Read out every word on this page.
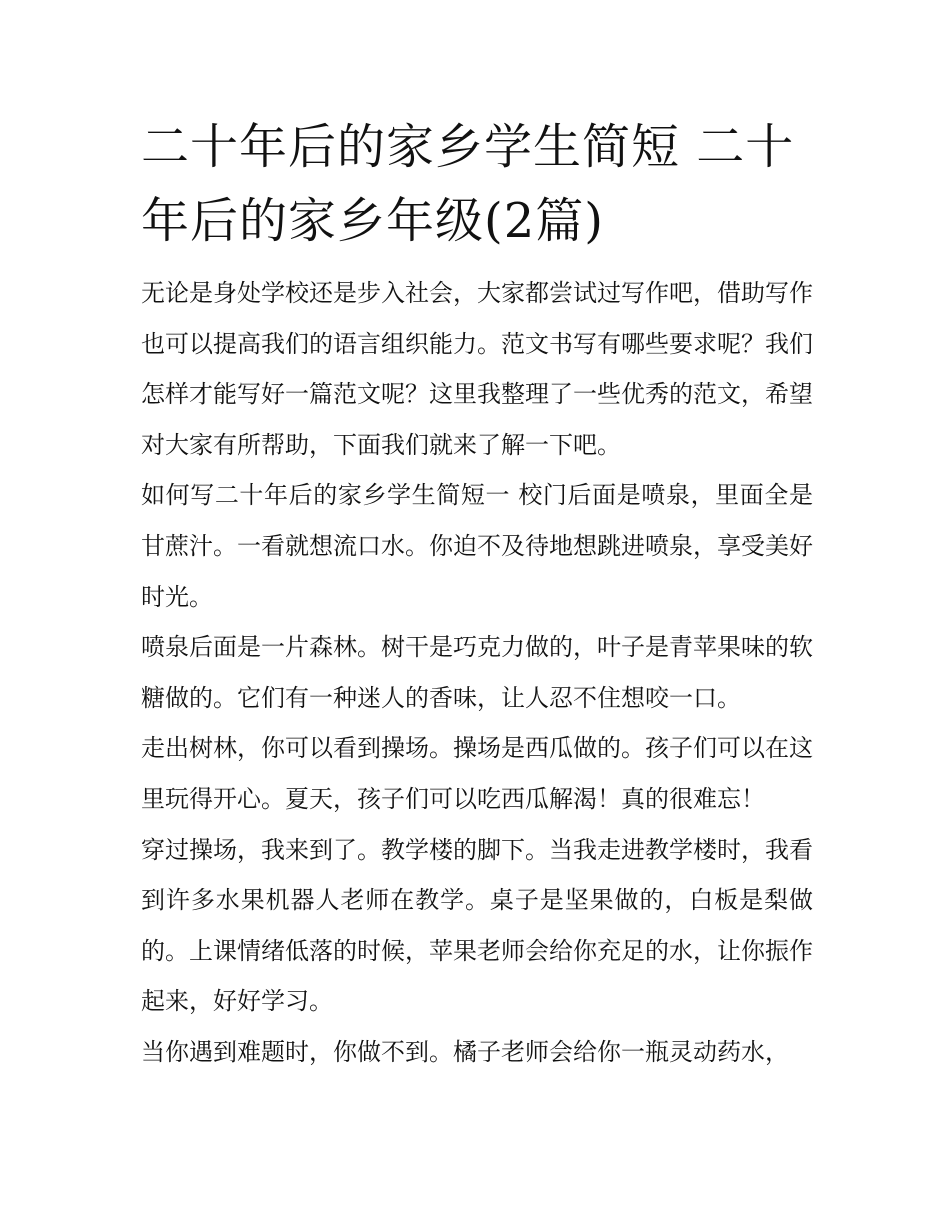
二十年后的家乡学生简短 二十年后的家乡年级(2篇)

无论是身处学校还是步入社会，大家都尝试过写作吧，借助写作也可以提高我们的语言组织能力。范文书写有哪些要求呢？我们怎样才能写好一篇范文呢？这里我整理了一些优秀的范文，希望对大家有所帮助，下面我们就来了解一下吧。

如何写二十年后的家乡学生简短一 校门后面是喷泉，里面全是甘蔗汁。一看就想流口水。你迫不及待地想跳进喷泉，享受美好时光。

喷泉后面是一片森林。树干是巧克力做的，叶子是青苹果味的软糖做的。它们有一种迷人的香味，让人忍不住想咬一口。

走出树林，你可以看到操场。操场是西瓜做的。孩子们可以在这里玩得开心。夏天，孩子们可以吃西瓜解渴！真的很难忘！

穿过操场，我来到了。教学楼的脚下。当我走进教学楼时，我看到许多水果机器人老师在教学。桌子是坚果做的，白板是梨做的。上课情绪低落的时候，苹果老师会给你充足的水，让你振作起来，好好学习。

当你遇到难题时，你做不到。橘子老师会给你一瓶灵动药水，
